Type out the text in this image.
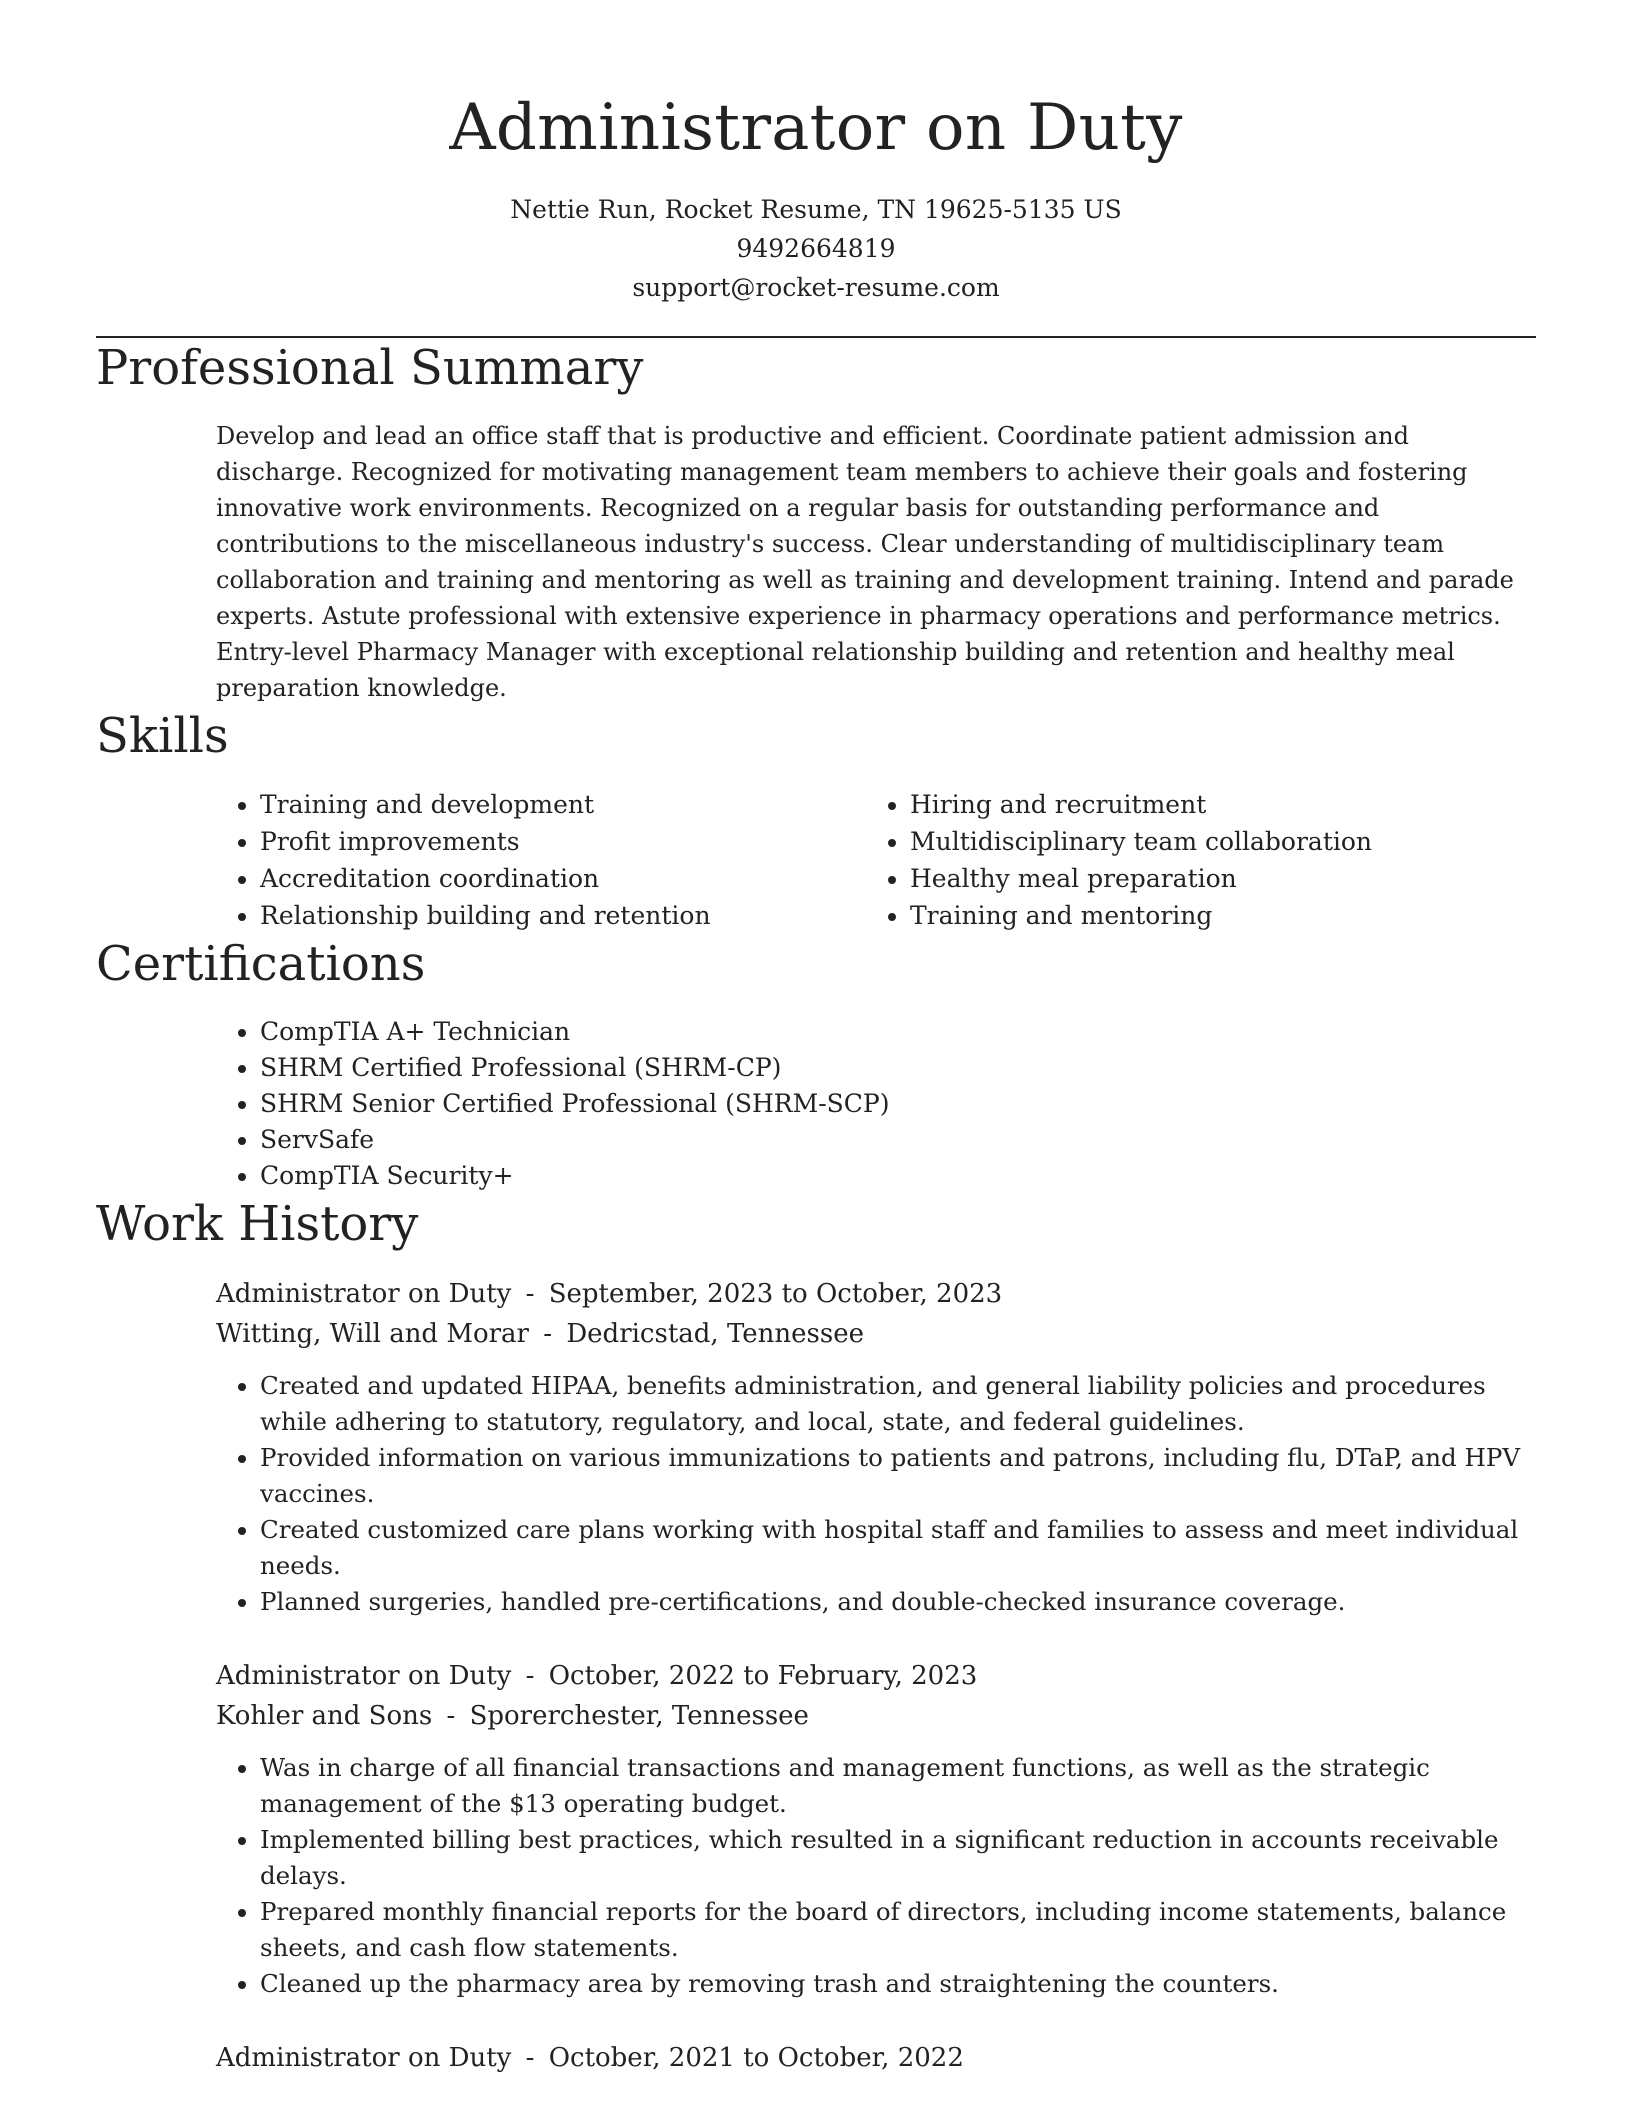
Administrator on Duty
Nettie Run, Rocket Resume, TN 19625-5135 US
9492664819
support@rocket-resume.com
Professional Summary
Develop and lead an office staff that is productive and efficient. Coordinate patient admission and discharge. Recognized for motivating management team members to achieve their goals and fostering innovative work environments. Recognized on a regular basis for outstanding performance and contributions to the miscellaneous industry's success. Clear understanding of multidisciplinary team collaboration and training and mentoring as well as training and development training. Intend and parade experts. Astute professional with extensive experience in pharmacy operations and performance metrics. Entry-level Pharmacy Manager with exceptional relationship building and retention and healthy meal preparation knowledge.
Skills
• Training and development
• Profit improvements
• Accreditation coordination
• Relationship building and retention
• Hiring and recruitment
• Multidisciplinary team collaboration
• Healthy meal preparation
• Training and mentoring
Certifications
• CompTIA A+ Technician
• SHRM Certified Professional (SHRM-CP)
• SHRM Senior Certified Professional (SHRM-SCP)
• ServSafe
• CompTIA Security+
Work History
Administrator on Duty - September, 2023 to October, 2023
Witting, Will and Morar - Dedricstad, Tennessee
• Created and updated HIPAA, benefits administration, and general liability policies and procedures while adhering to statutory, regulatory, and local, state, and federal guidelines.
• Provided information on various immunizations to patients and patrons, including flu, DTaP, and HPV vaccines.
• Created customized care plans working with hospital staff and families to assess and meet individual needs.
• Planned surgeries, handled pre-certifications, and double-checked insurance coverage.
Administrator on Duty - October, 2022 to February, 2023
Kohler and Sons - Sporerchester, Tennessee
• Was in charge of all financial transactions and management functions, as well as the strategic management of the $13 operating budget.
• Implemented billing best practices, which resulted in a significant reduction in accounts receivable delays.
• Prepared monthly financial reports for the board of directors, including income statements, balance sheets, and cash flow statements.
• Cleaned up the pharmacy area by removing trash and straightening the counters.
Administrator on Duty - October, 2021 to October, 2022
